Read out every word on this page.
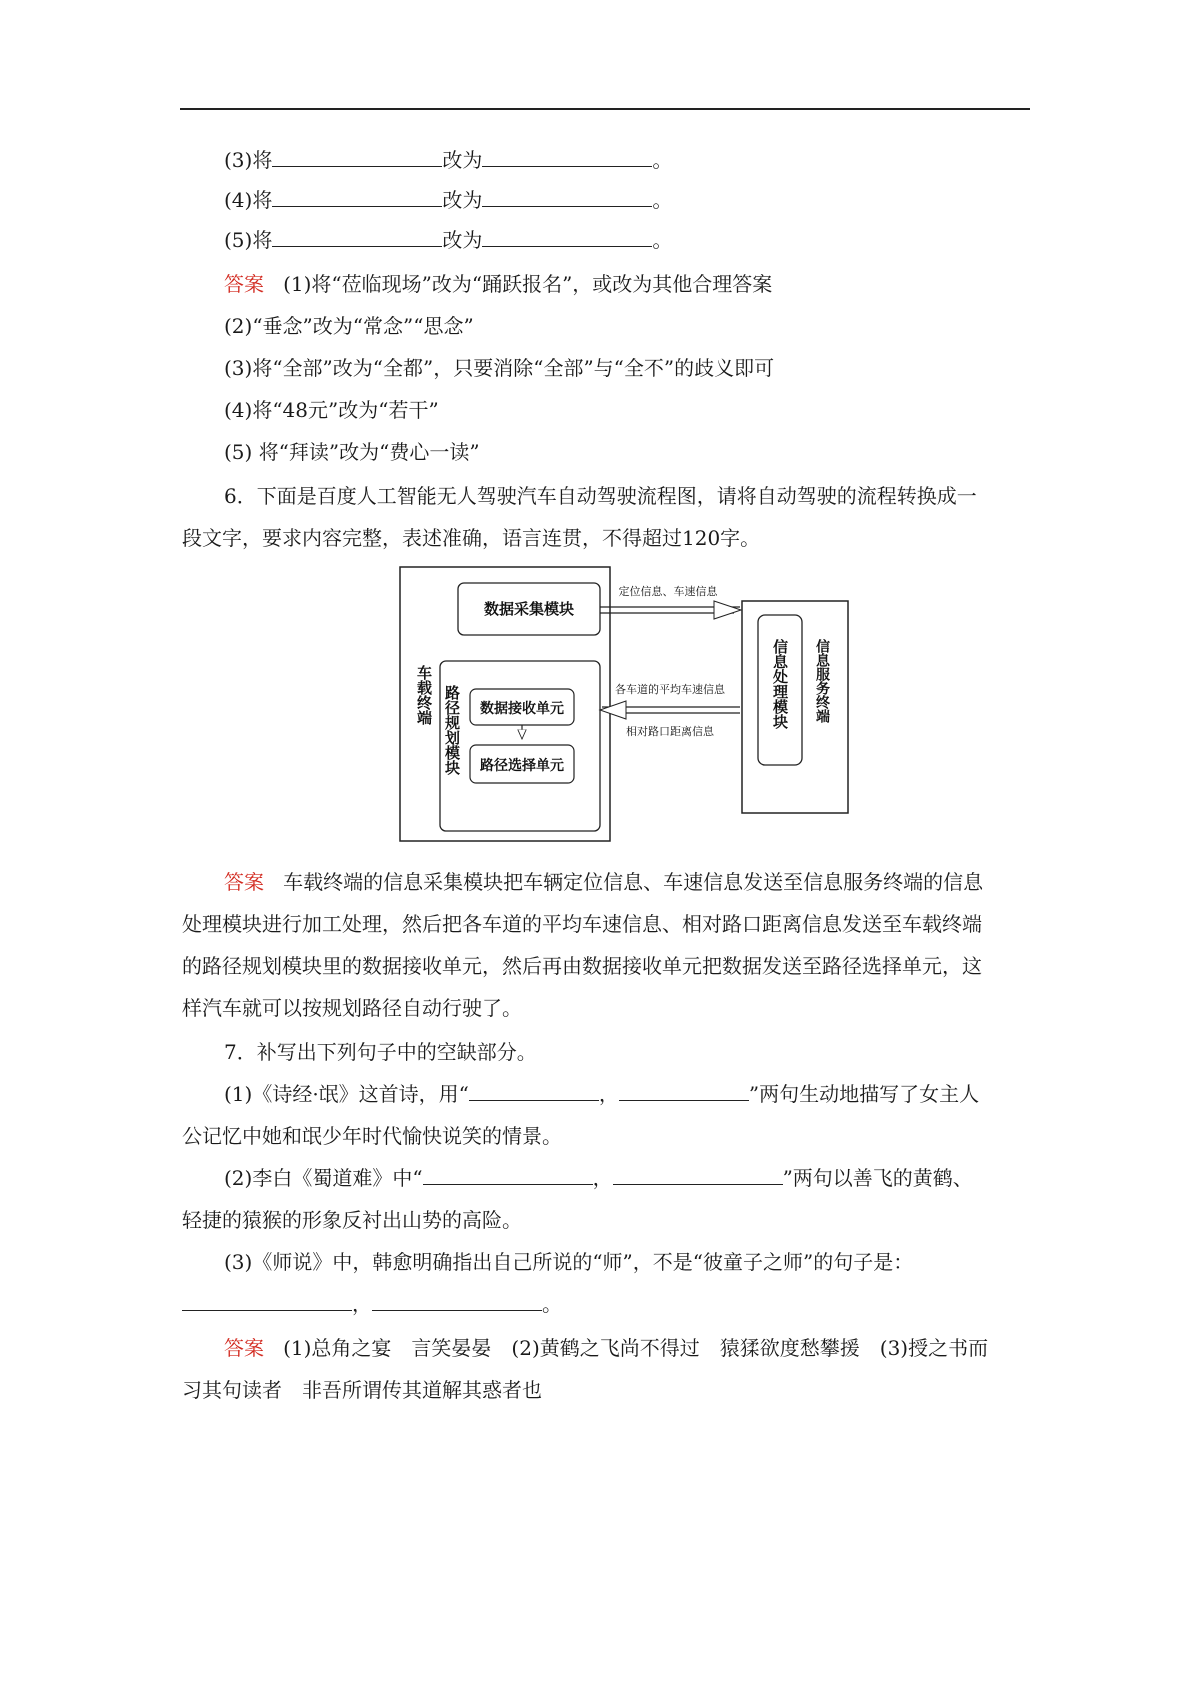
(3)将	改为	。
(4)将	改为	。
(5)将	改为	。
答案 (1)将“莅临现场”改为“踊跃报名”，或改为其他合理答案
(2)“垂念”改为“常念”“思念”
(3)将“全部”改为“全都”，只要消除“全部”与“全不”的歧义即可
(4)将“48元”改为“若干”
(5) 将“拜读”改为“费心一读”
6．下面是百度人工智能无人驾驶汽车自动驾驶流程图，请将自动驾驶的流程转换成一
段文字，要求内容完整，表述准确，语言连贯，不得超过120字。
车载终端
数据采集模块
路径规划模块 数据接收单元
路径选择单元
信息服务终端
信息处理模块
定位信息、车速信息
各车道的平均车速信息
相对路口距离信息
答案 车载终端的信息采集模块把车辆定位信息、车速信息发送至信息服务终端的信息
处理模块进行加工处理，然后把各车道的平均车速信息、相对路口距离信息发送至车载终端
的路径规划模块里的数据接收单元，然后再由数据接收单元把数据发送至路径选择单元，这
样汽车就可以按规划路径自动行驶了。
7．补写出下列句子中的空缺部分。
(1)《诗经·氓》这首诗，用“	，	”两句生动地描写了女主人
公记忆中她和氓少年时代愉快说笑的情景。
(2)李白《蜀道难》中“	，	”两句以善飞的黄鹤、
轻捷的猿猴的形象反衬出山势的高险。
(3)《师说》中，韩愈明确指出自己所说的“师”，不是“彼童子之师”的句子是：
，	。
答案 (1)总角之宴 言笑晏晏 (2)黄鹤之飞尚不得过 猿猱欲度愁攀援 (3)授之书而
习其句读者 非吾所谓传其道解其惑者也
